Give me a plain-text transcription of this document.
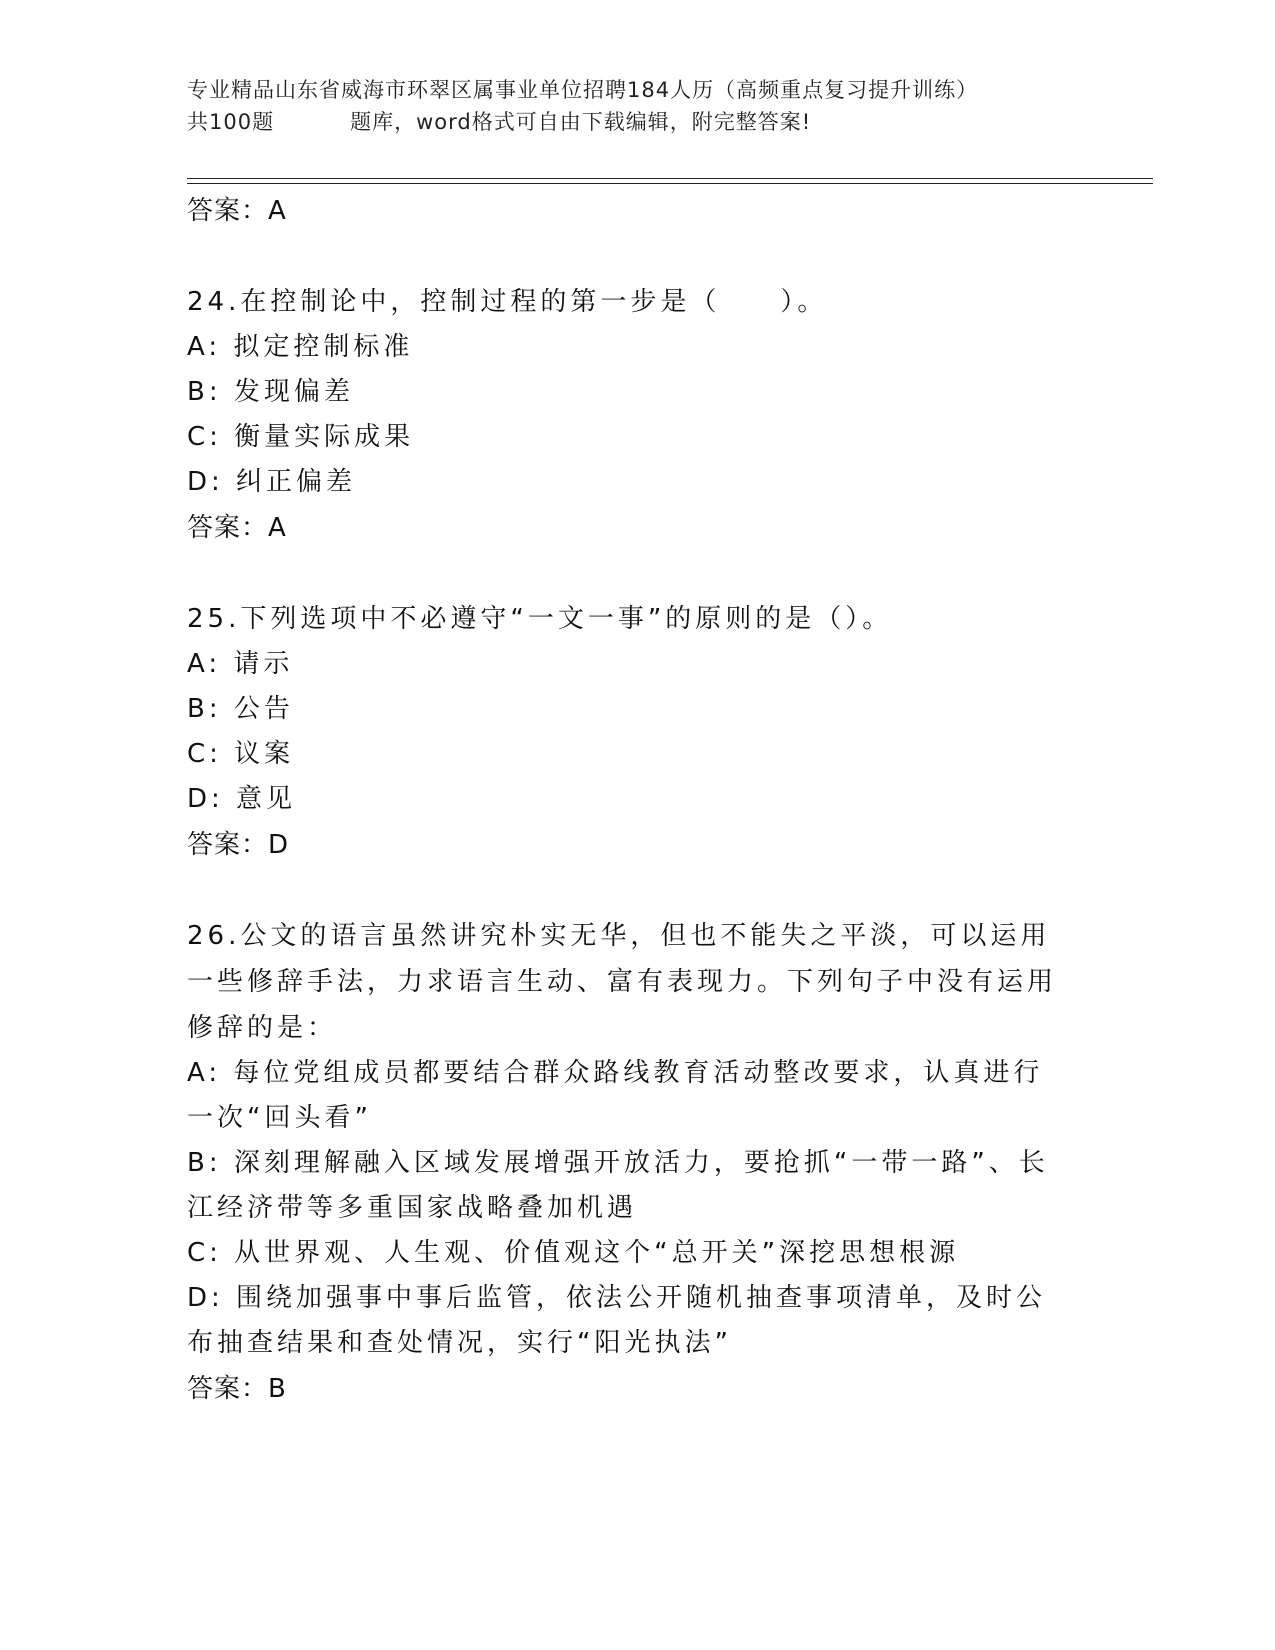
专业精品山东省威海市环翠区属事业单位招聘184人历（高频重点复习提升训练）
共100题	题库，word格式可自由下载编辑，附完整答案!
答案：A
24.在控制论中，控制过程的第一步是（　　）。
A: 拟定控制标准
B: 发现偏差
C: 衡量实际成果
D: 纠正偏差
答案：A
25.下列选项中不必遵守“一文一事”的原则的是（）。
A: 请示
B: 公告
C: 议案
D: 意见
答案：D
26.公文的语言虽然讲究朴实无华，但也不能失之平淡，可以运用一些修辞手法，力求语言生动、富有表现力。下列句子中没有运用修辞的是：
A: 每位党组成员都要结合群众路线教育活动整改要求，认真进行一次“回头看”
B: 深刻理解融入区域发展增强开放活力，要抢抓“一带一路”、长江经济带等多重国家战略叠加机遇
C: 从世界观、人生观、价值观这个“总开关”深挖思想根源
D: 围绕加强事中事后监管，依法公开随机抽查事项清单，及时公布抽查结果和查处情况，实行“阳光执法”
答案：B
